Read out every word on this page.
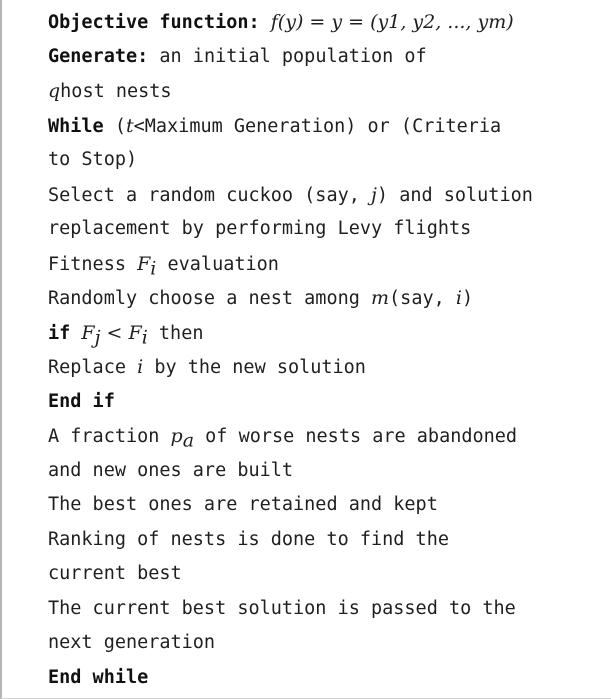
Objective function: f(y) = y = (y1, y2, ..., ym)
Generate: an initial population of
qhost nests
While (t<Maximum Generation) or (Criteria
to Stop)
Select a random cuckoo (say, j) and solution
replacement by performing Levy flights
Fitness $F_i$ evaluation
Randomly choose a nest among m(say, i)
if $F_j < F_i$ then
Replace i by the new solution
End if
A fraction $p_a$ of worse nests are abandoned
and new ones are built
The best ones are retained and kept
Ranking of nests is done to find the
current best
The current best solution is passed to the
next generation
End while
